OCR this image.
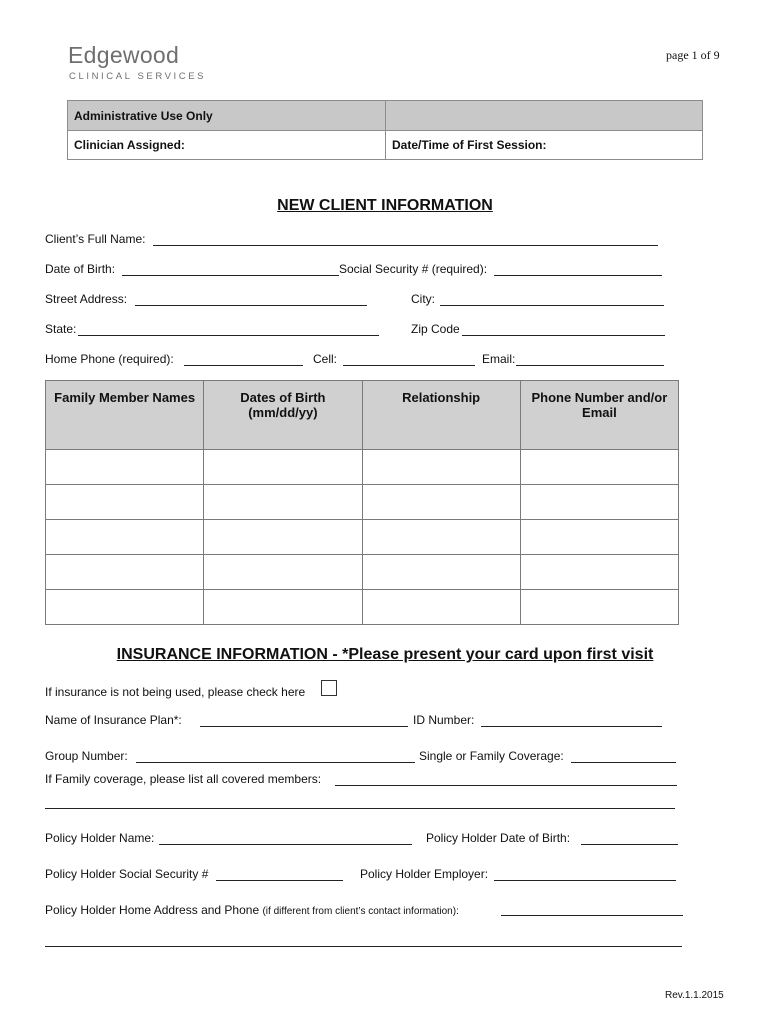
Edgewood
CLINICAL SERVICES
page 1 of 9
Administrative Use Only	
Clinician Assigned:	Date/Time of First Session:
NEW CLIENT INFORMATION
Client’s Full Name:
Date of Birth:	Social Security # (required):
Street Address:	City:
State:	Zip Code
Home Phone (required):	Cell:	Email:
Family Member Names	Dates of Birth (mm/dd/yy)	Relationship	Phone Number and/or Email

INSURANCE INFORMATION - *Please present your card upon first visit
If insurance is not being used, please check here
Name of Insurance Plan*:	ID Number:
Group Number:	Single or Family Coverage:
If Family coverage, please list all covered members:
Policy Holder Name:	Policy Holder Date of Birth:
Policy Holder Social Security #	Policy Holder Employer:
Policy Holder Home Address and Phone (if different from client’s contact information):
Rev.1.1.2015
